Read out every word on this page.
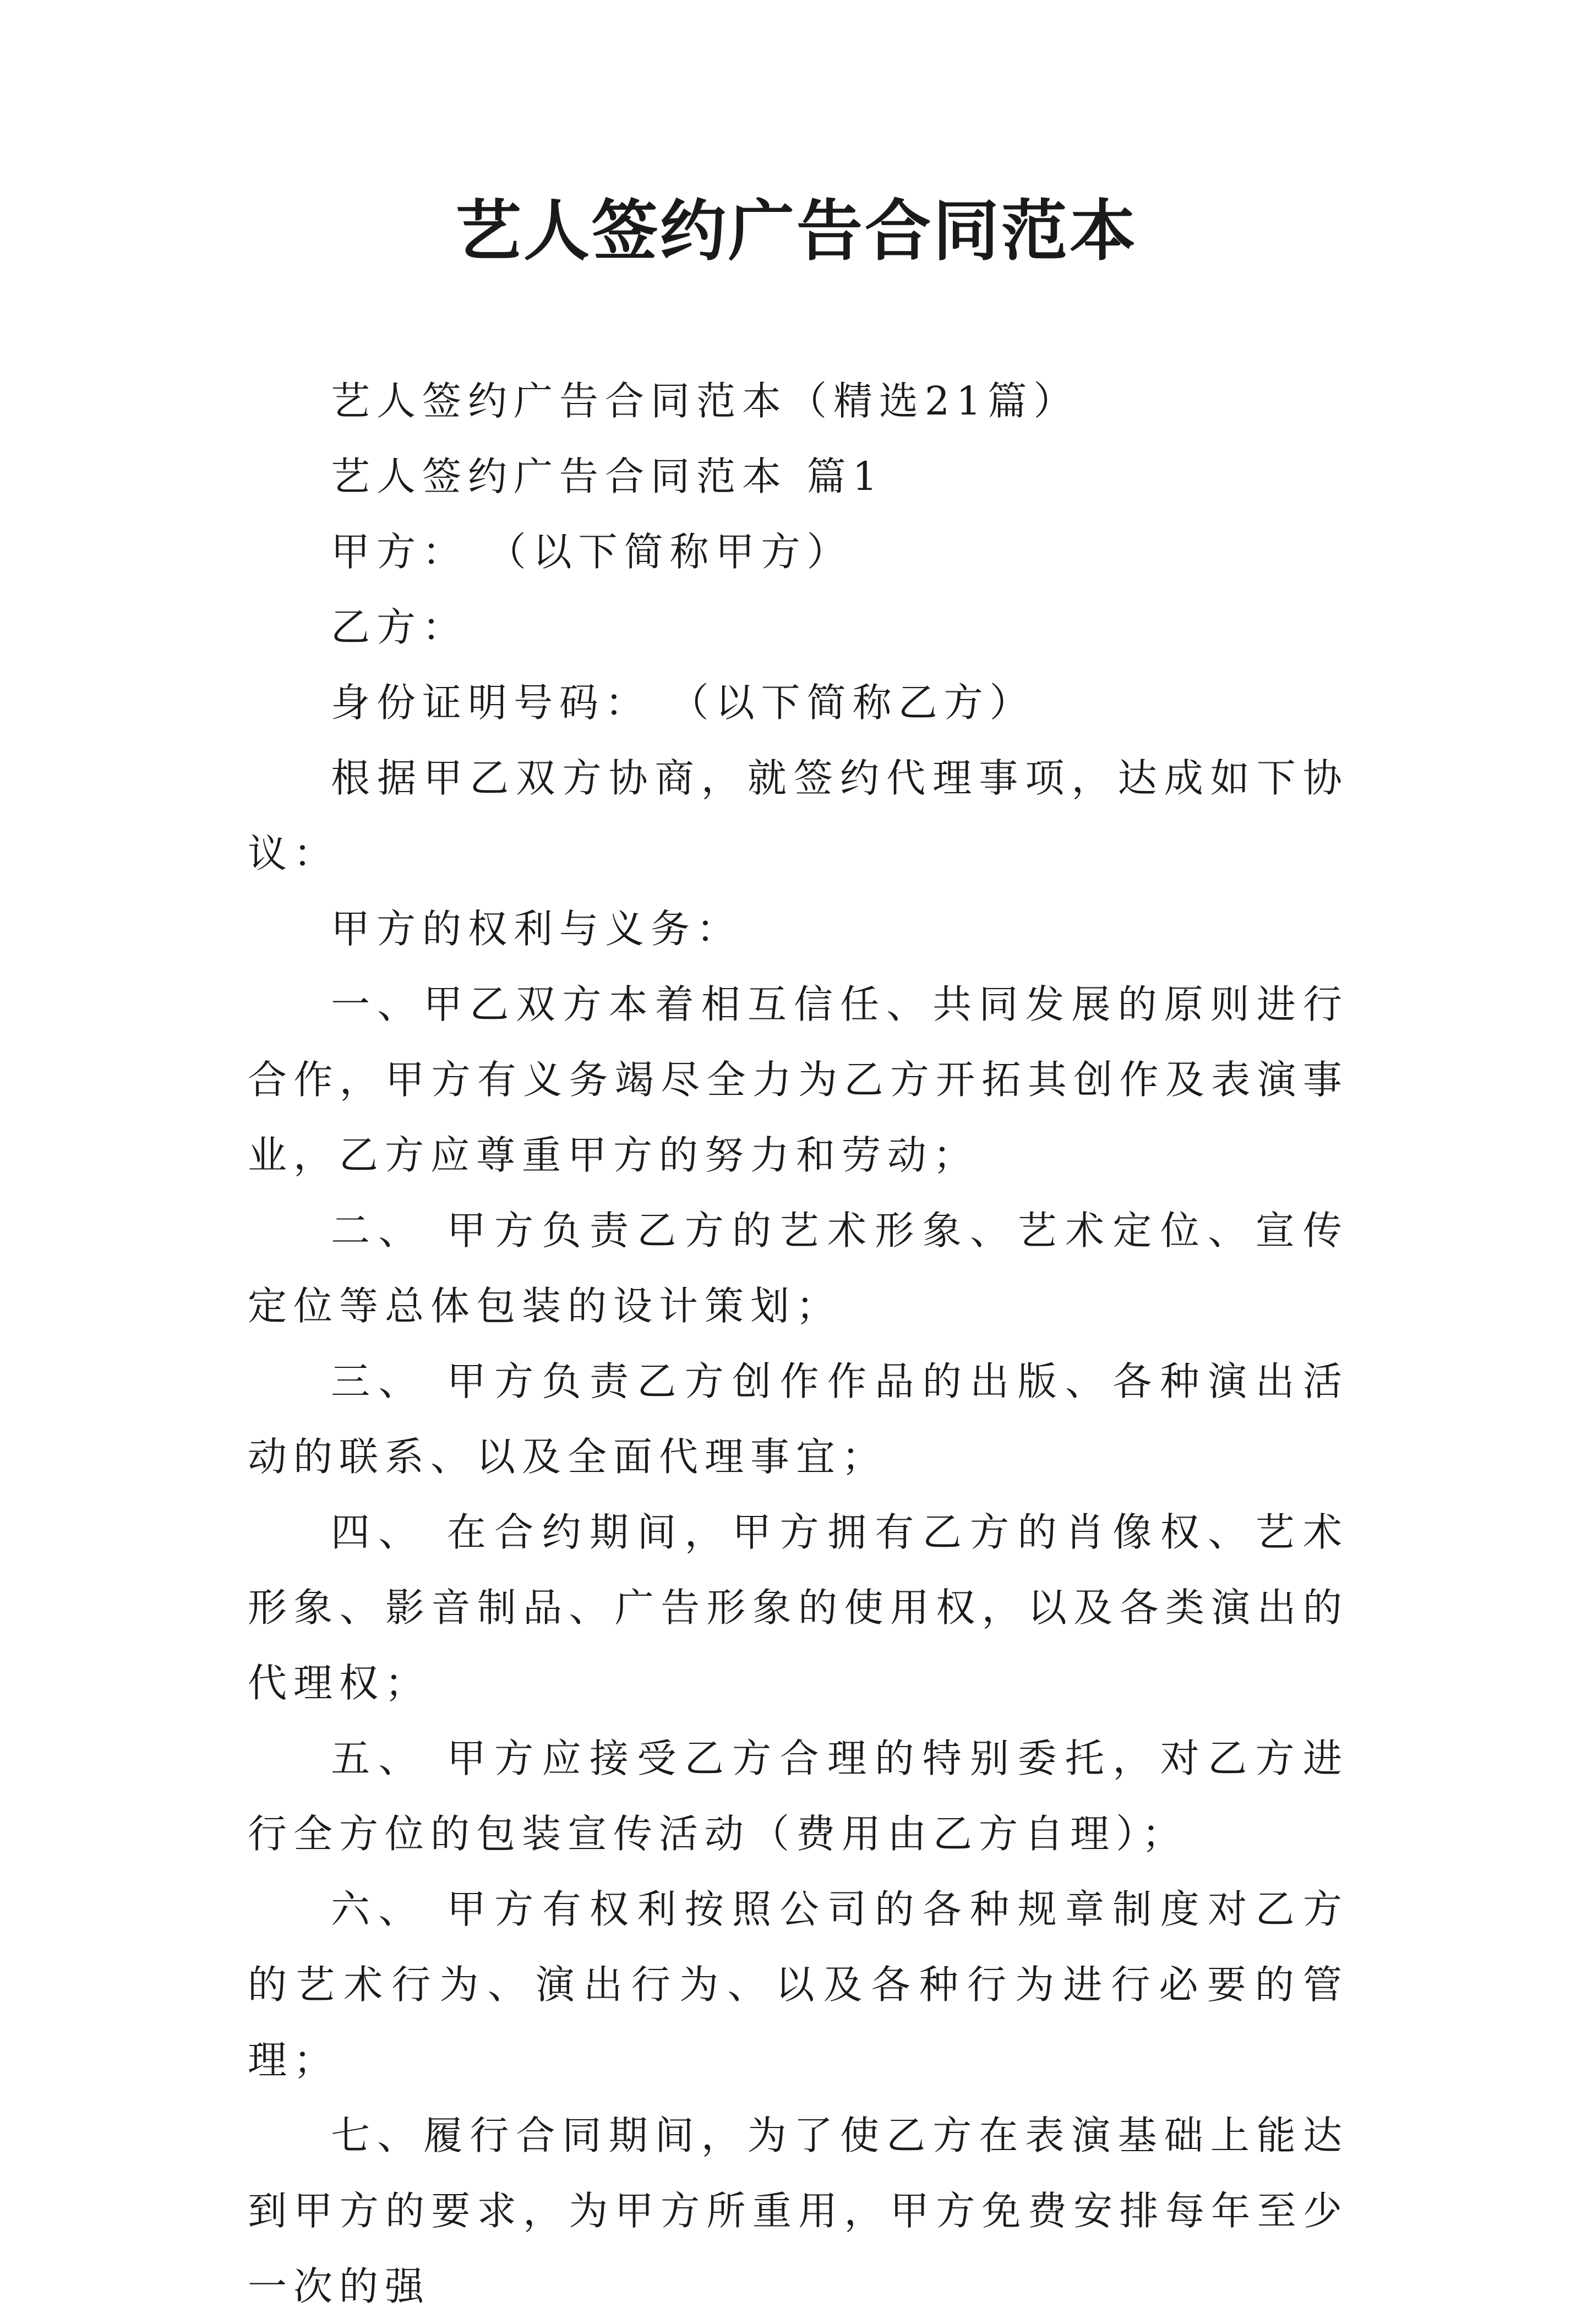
艺人签约广告合同范本

艺人签约广告合同范本（精选21篇）

艺人签约广告合同范本 篇1

甲方： （以下简称甲方）

乙方：

身份证明号码： （以下简称乙方）

根据甲乙双方协商，就签约代理事项，达成如下协议：

甲方的权利与义务：

一、甲乙双方本着相互信任、共同发展的原则进行合作，甲方有义务竭尽全力为乙方开拓其创作及表演事业，乙方应尊重甲方的努力和劳动；

二、 甲方负责乙方的艺术形象、艺术定位、宣传定位等总体包装的设计策划；

三、 甲方负责乙方创作作品的出版、各种演出活动的联系、以及全面代理事宜；

四、 在合约期间，甲方拥有乙方的肖像权、艺术形象、影音制品、广告形象的使用权，以及各类演出的代理权；

五、 甲方应接受乙方合理的特别委托，对乙方进行全方位的包装宣传活动（费用由乙方自理）；

六、 甲方有权利按照公司的各种规章制度对乙方的艺术行为、演出行为、以及各种行为进行必要的管理；

七、履行合同期间，为了使乙方在表演基础上能达到甲方的要求，为甲方所重用，甲方免费安排每年至少一次的强
